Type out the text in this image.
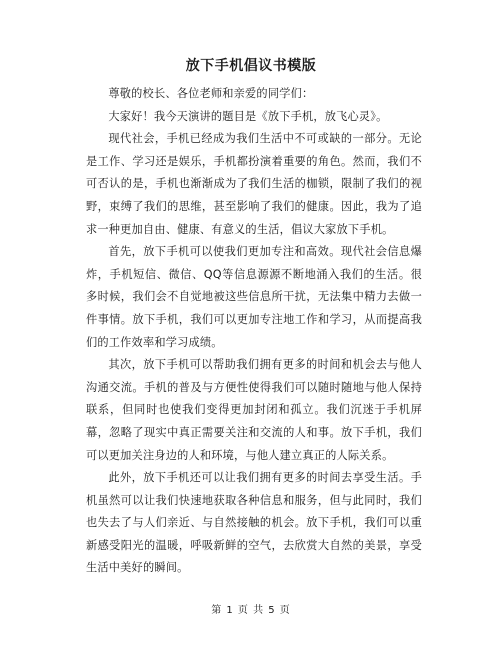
放下手机倡议书模版

尊敬的校长、各位老师和亲爱的同学们：

大家好！我今天演讲的题目是《放下手机，放飞心灵》。

现代社会，手机已经成为我们生活中不可或缺的一部分。无论是工作、学习还是娱乐，手机都扮演着重要的角色。然而，我们不可否认的是，手机也渐渐成为了我们生活的枷锁，限制了我们的视野，束缚了我们的思维，甚至影响了我们的健康。因此，我为了追求一种更加自由、健康、有意义的生活，倡议大家放下手机。

首先，放下手机可以使我们更加专注和高效。现代社会信息爆炸，手机短信、微信、QQ等信息源源不断地涌入我们的生活。很多时候，我们会不自觉地被这些信息所干扰，无法集中精力去做一件事情。放下手机，我们可以更加专注地工作和学习，从而提高我们的工作效率和学习成绩。

其次，放下手机可以帮助我们拥有更多的时间和机会去与他人沟通交流。手机的普及与方便性使得我们可以随时随地与他人保持联系，但同时也使我们变得更加封闭和孤立。我们沉迷于手机屏幕，忽略了现实中真正需要关注和交流的人和事。放下手机，我们可以更加关注身边的人和环境，与他人建立真正的人际关系。

此外，放下手机还可以让我们拥有更多的时间去享受生活。手机虽然可以让我们快速地获取各种信息和服务，但与此同时，我们也失去了与人们亲近、与自然接触的机会。放下手机，我们可以重新感受阳光的温暖，呼吸新鲜的空气，去欣赏大自然的美景，享受生活中美好的瞬间。

第 1 页 共 5 页
